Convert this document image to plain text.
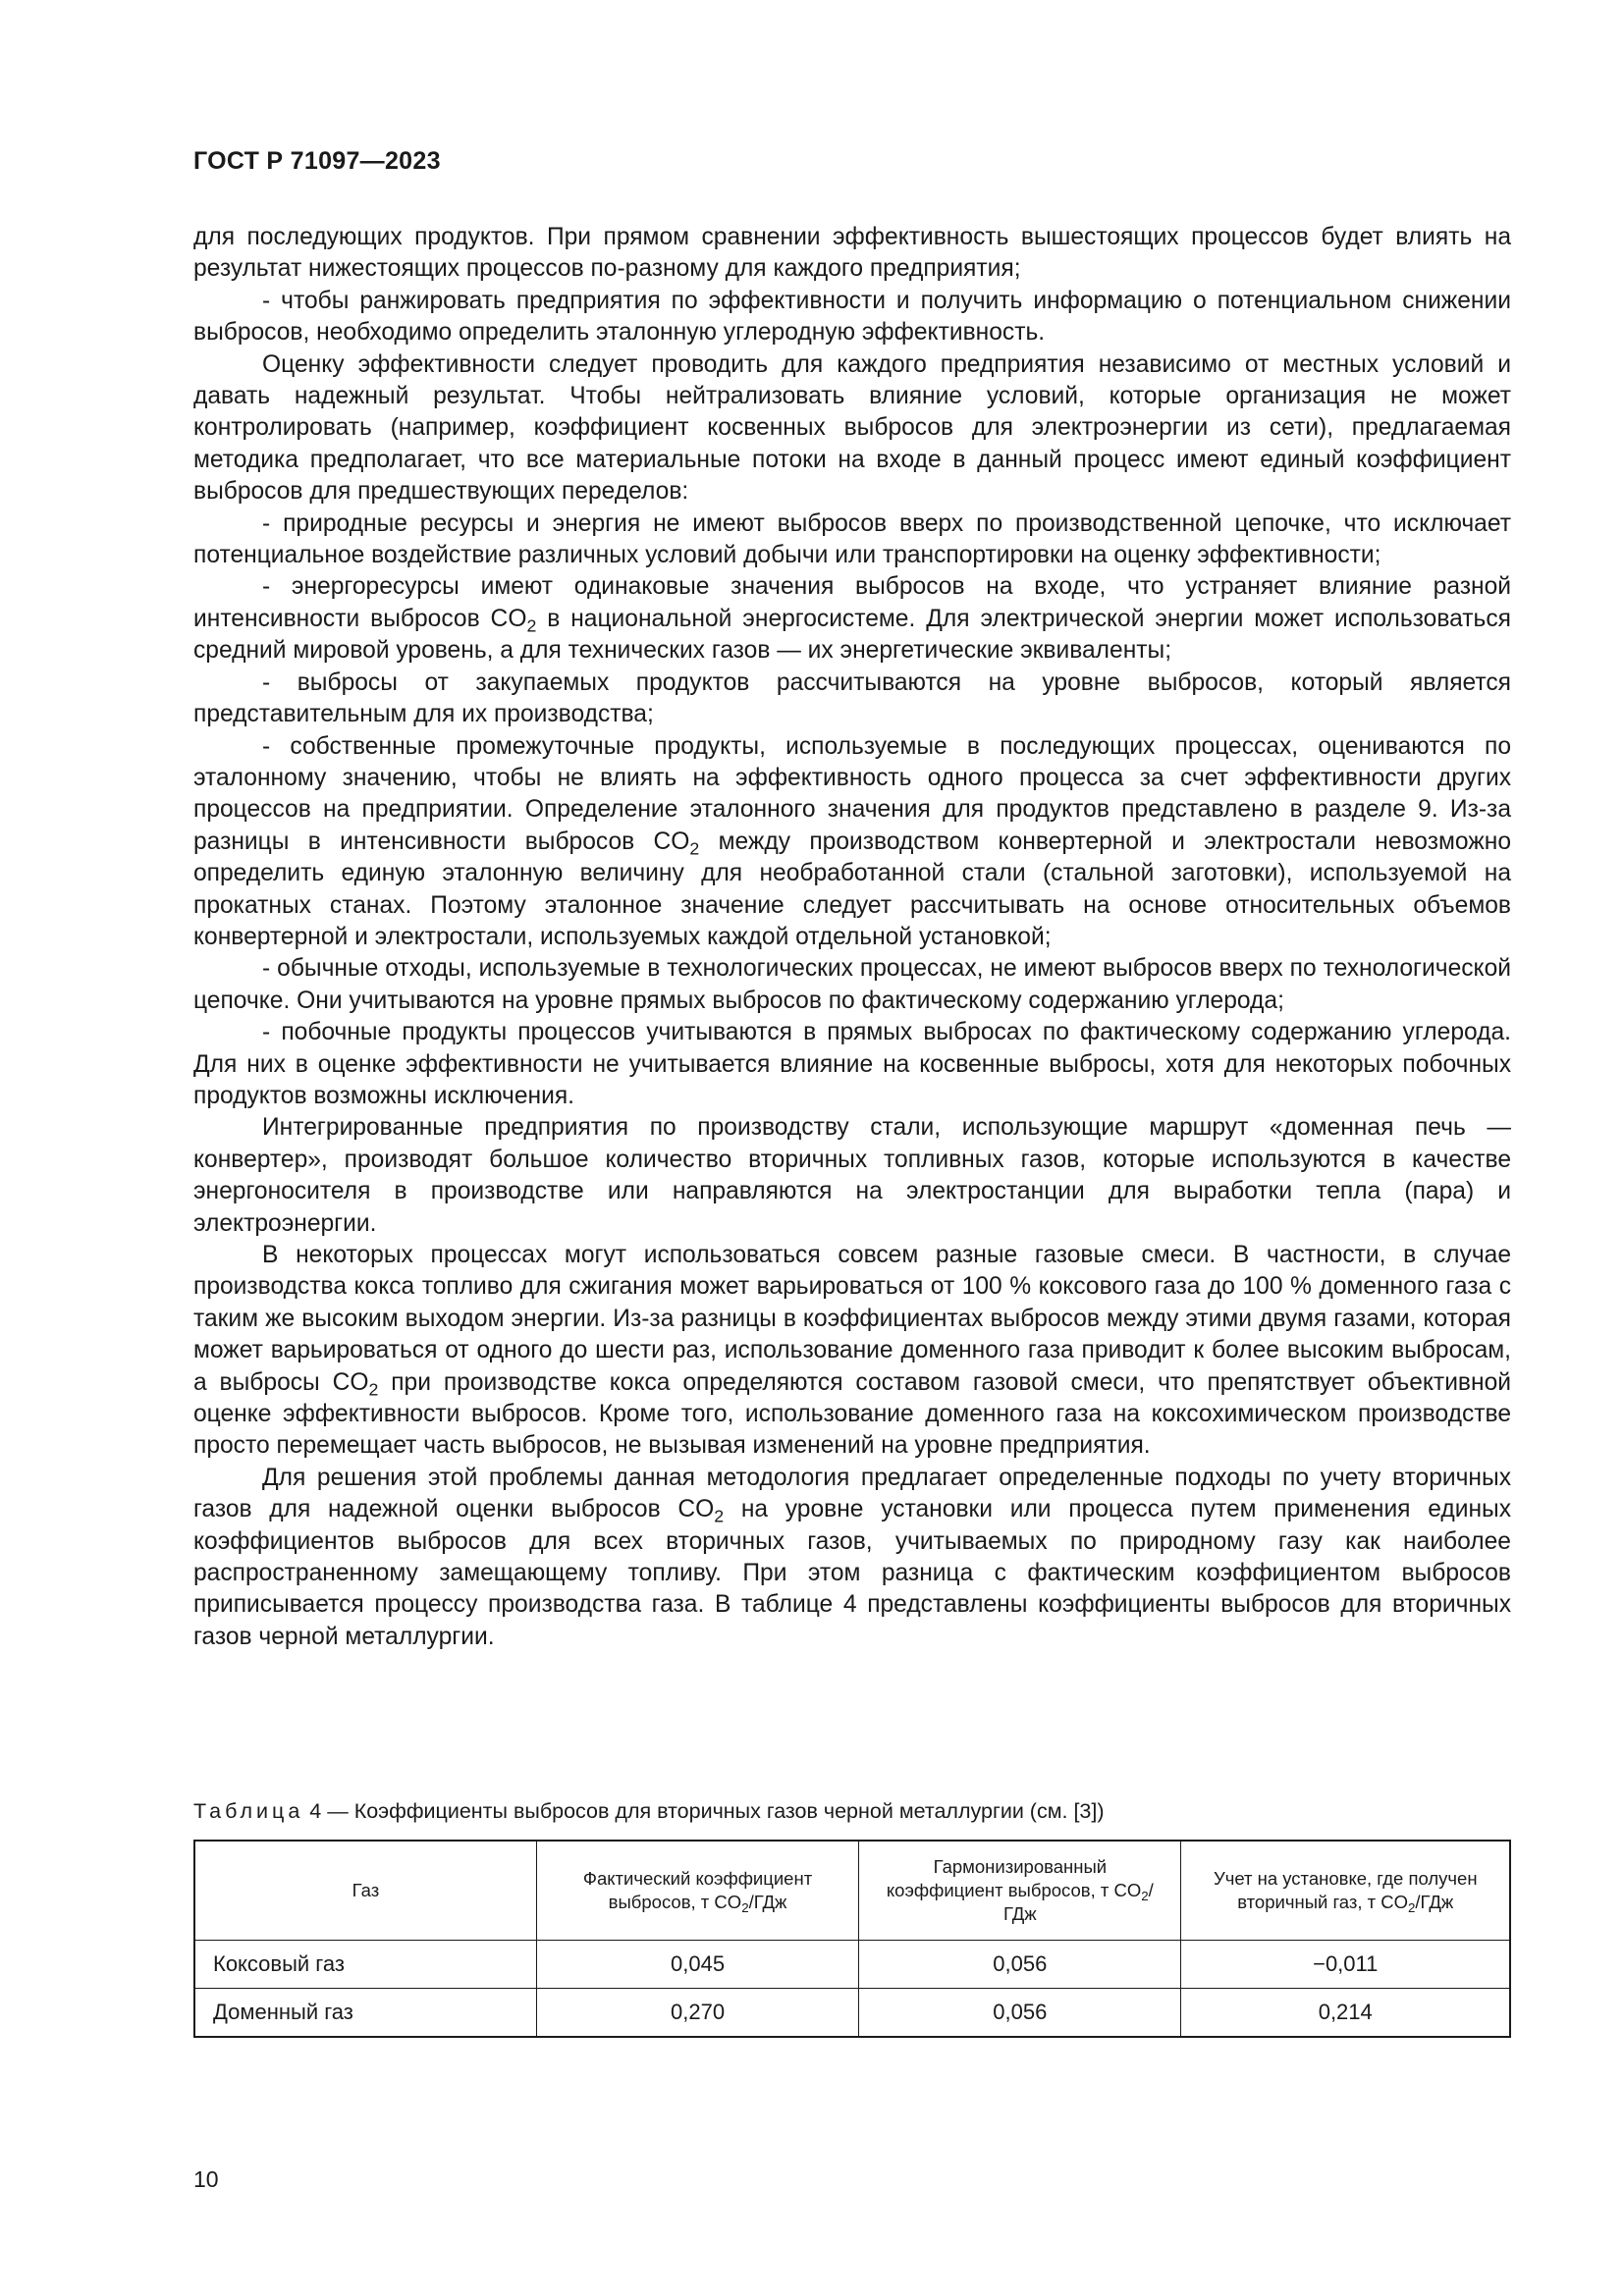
ГОСТ Р 71097—2023

для последующих продуктов. При прямом сравнении эффективность вышестоящих процессов будет влиять на результат нижестоящих процессов по-разному для каждого предприятия;

- чтобы ранжировать предприятия по эффективности и получить информацию о потенциальном снижении выбросов, необходимо определить эталонную углеродную эффективность.

Оценку эффективности следует проводить для каждого предприятия независимо от местных условий и давать надежный результат. Чтобы нейтрализовать влияние условий, которые организация не может контролировать (например, коэффициент косвенных выбросов для электроэнергии из сети), предлагаемая методика предполагает, что все материальные потоки на входе в данный процесс имеют единый коэффициент выбросов для предшествующих переделов:

- природные ресурсы и энергия не имеют выбросов вверх по производственной цепочке, что исключает потенциальное воздействие различных условий добычи или транспортировки на оценку эффективности;

- энергоресурсы имеют одинаковые значения выбросов на входе, что устраняет влияние разной интенсивности выбросов $CO_2$ в национальной энергосистеме. Для электрической энергии может использоваться средний мировой уровень, а для технических газов — их энергетические эквиваленты;

- выбросы от закупаемых продуктов рассчитываются на уровне выбросов, который является представительным для их производства;

- собственные промежуточные продукты, используемые в последующих процессах, оцениваются по эталонному значению, чтобы не влиять на эффективность одного процесса за счет эффективности других процессов на предприятии. Определение эталонного значения для продуктов представлено в разделе 9. Из-за разницы в интенсивности выбросов $CO_2$ между производством конвертерной и электростали невозможно определить единую эталонную величину для необработанной стали (стальной заготовки), используемой на прокатных станах. Поэтому эталонное значение следует рассчитывать на основе относительных объемов конвертерной и электростали, используемых каждой отдельной установкой;

- обычные отходы, используемые в технологических процессах, не имеют выбросов вверх по технологической цепочке. Они учитываются на уровне прямых выбросов по фактическому содержанию углерода;

- побочные продукты процессов учитываются в прямых выбросах по фактическому содержанию углерода. Для них в оценке эффективности не учитывается влияние на косвенные выбросы, хотя для некоторых побочных продуктов возможны исключения.

Интегрированные предприятия по производству стали, использующие маршрут «доменная печь — конвертер», производят большое количество вторичных топливных газов, которые используются в качестве энергоносителя в производстве или направляются на электростанции для выработки тепла (пара) и электроэнергии.

В некоторых процессах могут использоваться совсем разные газовые смеси. В частности, в случае производства кокса топливо для сжигания может варьироваться от 100 % коксового газа до 100 % доменного газа с таким же высоким выходом энергии. Из-за разницы в коэффициентах выбросов между этими двумя газами, которая может варьироваться от одного до шести раз, использование доменного газа приводит к более высоким выбросам, а выбросы $CO_2$ при производстве кокса определяются составом газовой смеси, что препятствует объективной оценке эффективности выбросов. Кроме того, использование доменного газа на коксохимическом производстве просто перемещает часть выбросов, не вызывая изменений на уровне предприятия.

Для решения этой проблемы данная методология предлагает определенные подходы по учету вторичных газов для надежной оценки выбросов $CO_2$ на уровне установки или процесса путем применения единых коэффициентов выбросов для всех вторичных газов, учитываемых по природному газу как наиболее распространенному замещающему топливу. При этом разница с фактическим коэффициентом выбросов приписывается процессу производства газа. В таблице 4 представлены коэффициенты выбросов для вторичных газов черной металлургии.

Таблица 4 — Коэффициенты выбросов для вторичных газов черной металлургии (см. [3])
Газ	Фактический коэффициент выбросов, т $CO_2$/ГДж	Гармонизированный коэффициент выбросов, т $CO_2$/ГДж	Учет на установке, где получен вторичный газ, т $CO_2$/ГДж
Коксовый газ	0,045	0,056	−0,011
Доменный газ	0,270	0,056	0,214
10
